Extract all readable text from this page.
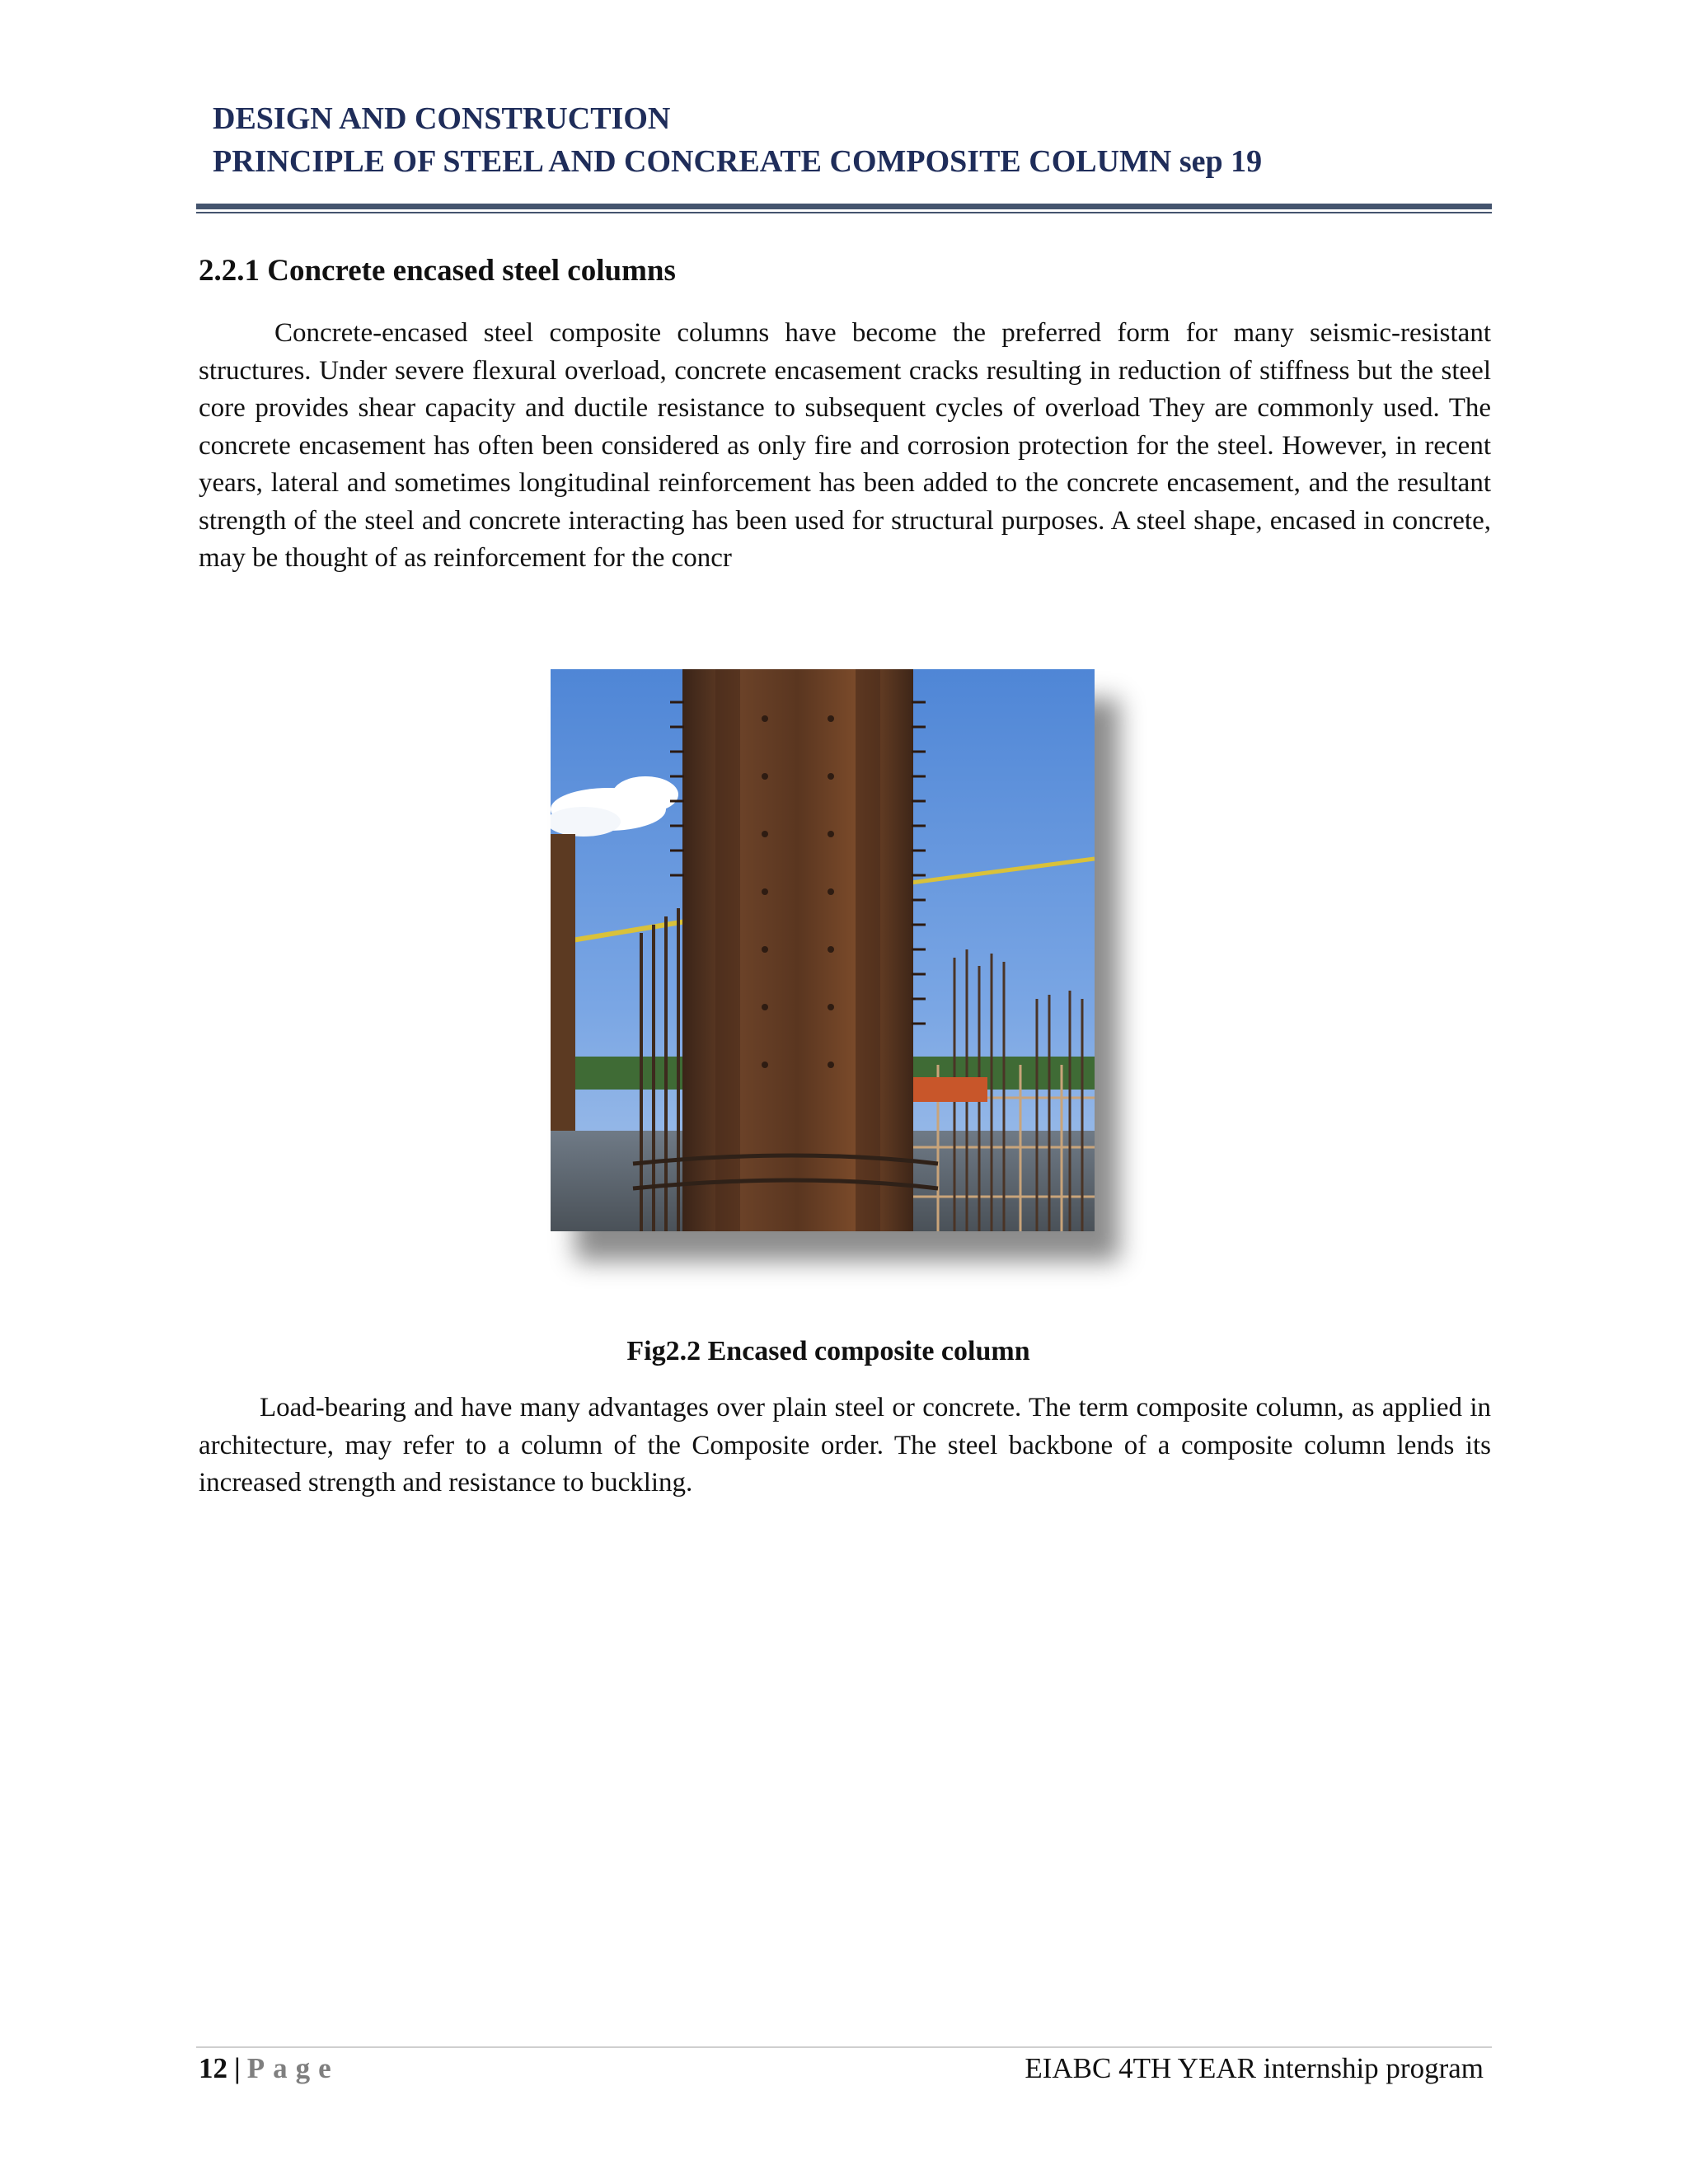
DESIGN AND CONSTRUCTION
PRINCIPLE OF STEEL AND CONCREATE COMPOSITE COLUMN sep 19
2.2.1 Concrete encased steel columns

Concrete-encased steel composite columns have become the preferred form for many seismic-resistant structures. Under severe flexural overload, concrete encasement cracks resulting in reduction of stiffness but the steel core provides shear capacity and ductile resistance to subsequent cycles of overload They are commonly used. The concrete encasement has often been considered as only fire and corrosion protection for the steel. However, in recent years, lateral and sometimes longitudinal reinforcement has been added to the concrete encasement, and the resultant strength of the steel and concrete interacting has been used for structural purposes. A steel shape, encased in concrete, may be thought of as reinforcement for the concr

Fig2.2 Encased composite column

Load-bearing and have many advantages over plain steel or concrete. The term composite column, as applied in architecture, may refer to a column of the Composite order. The steel backbone of a composite column lends its increased strength and resistance to buckling.

12 | Page	EIABC 4TH YEAR internship program
